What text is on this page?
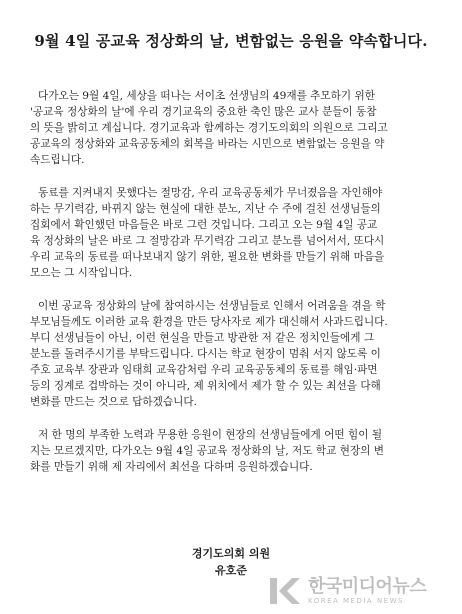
9월 4일 공교육 정상화의 날, 변함없는 응원을 약속합니다.
다가오는 9월 4일, 세상을 떠나는 서이초 선생님의 49재를 추모하기 위한
'공교육 정상화의 날'에 우리 경기교육의 중요한 축인 많은 교사 분들이 동참
의 뜻을 밝히고 계십니다. 경기교육과 함께하는 경기도의회의 의원으로 그리고
공교육의 정상화와 교육공동체의 회복을 바라는 시민으로 변함없는 응원을 약
속드립니다.
동료를 지켜내지 못했다는 절망감, 우리 교육공동체가 무너졌음을 자인해야
하는 무기력감, 바뀌지 않는 현실에 대한 분노, 지난 수 주에 걸친 선생님들의
집회에서 확인했던 마음들은 바로 그런 것입니다. 그리고 오는 9월 4일 공교
육 정상화의 날은 바로 그 절망감과 무기력감 그리고 분노를 넘어서서, 또다시
우리 교육의 동료를 떠나보내지 않기 위한, 필요한 변화를 만들기 위해 마음을
모으는 그 시작입니다.
이번 공교육 정상화의 날에 참여하시는 선생님들로 인해서 어려움을 겪을 학
부모님들께도 이러한 교육 환경을 만든 당사자로 제가 대신해서 사과드립니다.
부디 선생님들이 아닌, 이런 현실을 만들고 방관한 저 같은 정치인들에게 그
분노를 돌려주시기를 부탁드립니다. 다시는 학교 현장이 멈춰 서지 않도록 이
주호 교육부 장관과 임태희 교육감처럼 우리 교육공동체의 동료를 해임·파면
등의 징계로 겁박하는 것이 아니라, 제 위치에서 제가 할 수 있는 최선을 다해
변화를 만드는 것으로 답하겠습니다.
저 한 명의 부족한 노력과 무용한 응원이 현장의 선생님들에게 어떤 힘이 될
지는 모르겠지만, 다가오는 9월 4일 공교육 정상화의 날, 저도 학교 현장의 변
화를 만들기 위해 제 자리에서 최선을 다하며 응원하겠습니다.
경기도의회 의원
유호준
한국미디어뉴스
KOREA MEDIA NEWS
